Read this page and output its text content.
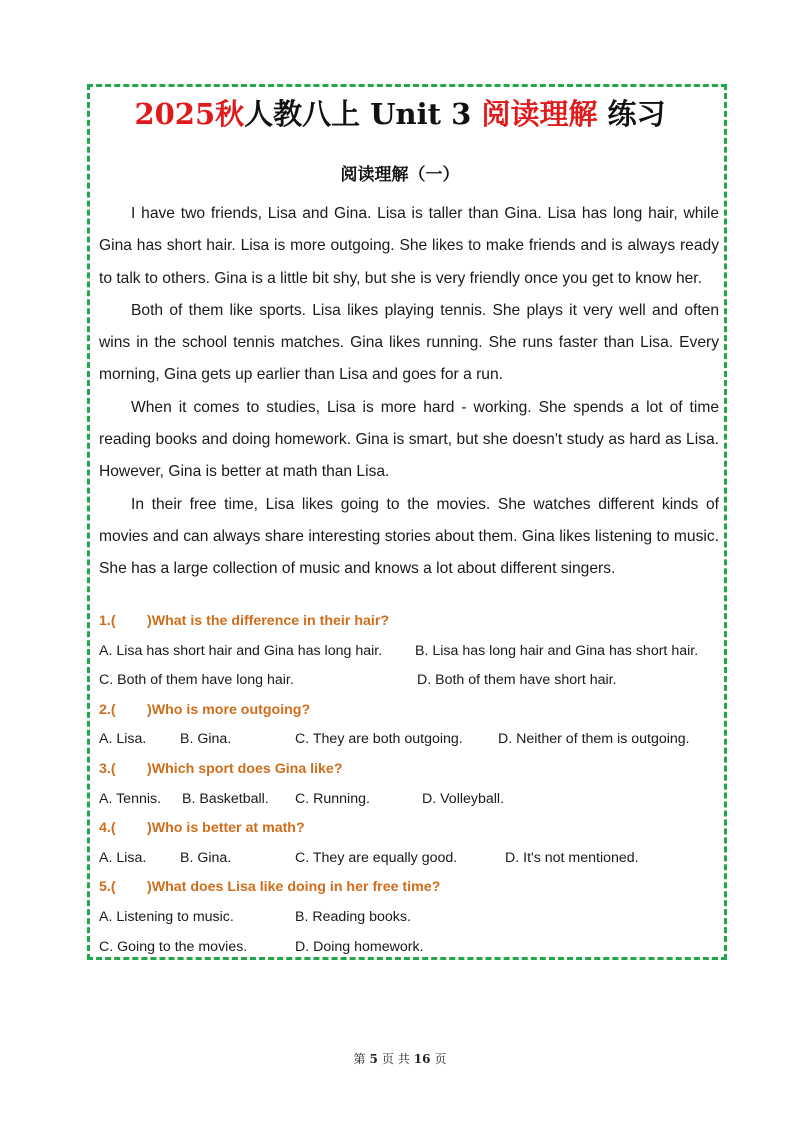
2025秋人教八上 Unit 3 阅读理解 练习
阅读理解（一）

I have two friends, Lisa and Gina. Lisa is taller than Gina. Lisa has long hair, while Gina has short hair. Lisa is more outgoing. She likes to make friends and is always ready to talk to others. Gina is a little bit shy, but she is very friendly once you get to know her.

Both of them like sports. Lisa likes playing tennis. She plays it very well and often wins in the school tennis matches. Gina likes running. She runs faster than Lisa. Every morning, Gina gets up earlier than Lisa and goes for a run.

When it comes to studies, Lisa is more hard - working. She spends a lot of time reading books and doing homework. Gina is smart, but she doesn't study as hard as Lisa. However, Gina is better at math than Lisa.

In their free time, Lisa likes going to the movies. She watches different kinds of movies and can always share interesting stories about them. Gina likes listening to music. She has a large collection of music and knows a lot about different singers.

1.( )What is the difference in their hair?
A. Lisa has short hair and Gina has long hair. B. Lisa has long hair and Gina has short hair.
C. Both of them have long hair.	D. Both of them have short hair.
2.( )Who is more outgoing?
A. Lisa. B. Gina.	C. They are both outgoing. D. Neither of them is outgoing.
3.( )Which sport does Gina like?
A. Tennis. B. Basketball. C. Running.	D. Volleyball.
4.( )Who is better at math?
A. Lisa. B. Gina.	C. They are equally good.	D. It's not mentioned.
5.( )What does Lisa like doing in her free time?
A. Listening to music.	B. Reading books.
C. Going to the movies.	D. Doing homework.
第 5 页 共 16 页
